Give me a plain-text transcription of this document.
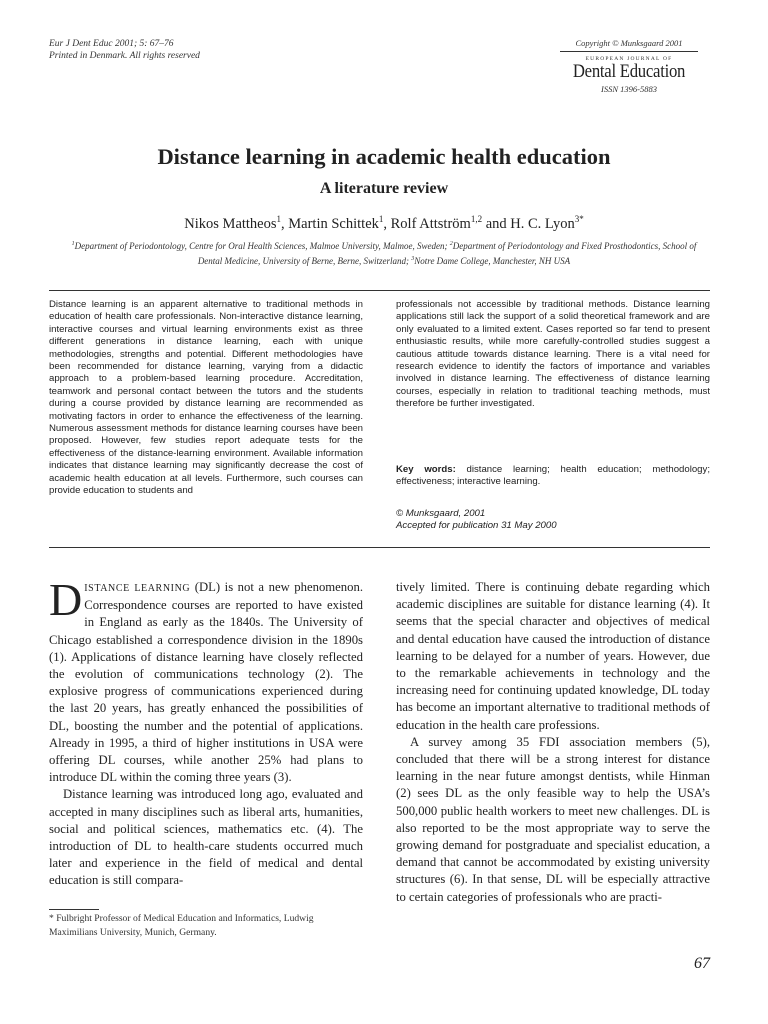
Eur J Dent Educ 2001; 5: 67–76
Printed in Denmark. All rights reserved
Copyright © Munksgaard 2001
EUROPEAN JOURNAL OF
Dental Education
ISSN 1396-5883
Distance learning in academic health education
A literature review
Nikos Mattheos$^1$, Martin Schittek$^1$, Rolf Attström$^{1,2}$ and H. C. Lyon$^{3*}$
$^1$Department of Periodontology, Centre for Oral Health Sciences, Malmoe University, Malmoe, Sweden; $^2$Department of Periodontology and Fixed Prosthodontics, School of Dental Medicine, University of Berne, Berne, Switzerland; $^3$Notre Dame College, Manchester, NH USA
Distance learning is an apparent alternative to traditional methods in education of health care professionals. Non-interactive distance learning, interactive courses and virtual learning environments exist as three different generations in distance learning, each with unique methodologies, strengths and potential. Different methodologies have been recommended for distance learning, varying from a didactic approach to a problem-based learning procedure. Accreditation, teamwork and personal contact between the tutors and the students during a course provided by distance learning are recommended as motivating factors in order to enhance the effectiveness of the learning. Numerous assessment methods for distance learning courses have been proposed. However, few studies report adequate tests for the effectiveness of the distance-learning environment. Available information indicates that distance learning may significantly decrease the cost of academic health education at all levels. Furthermore, such courses can provide education to students and
professionals not accessible by traditional methods. Distance learning applications still lack the support of a solid theoretical framework and are only evaluated to a limited extent. Cases reported so far tend to present enthusiastic results, while more carefully-controlled studies suggest a cautious attitude towards distance learning. There is a vital need for research evidence to identify the factors of importance and variables involved in distance learning. The effectiveness of distance learning courses, especially in relation to traditional teaching methods, must therefore be further investigated.
Key words: distance learning; health education; methodology; effectiveness; interactive learning.
© Munksgaard, 2001
Accepted for publication 31 May 2000

DISTANCE LEARNING (DL) is not a new phenomenon. Correspondence courses are reported to have existed in England as early as the 1840s. The University of Chicago established a correspondence division in the 1890s (1). Applications of distance learning have closely reflected the evolution of communications technology (2). The explosive progress of communications experienced during the last 20 years, has greatly enhanced the possibilities of DL, boosting the number and the potential of applications. Already in 1995, a third of higher institutions in USA were offering DL courses, while another 25% had plans to introduce DL within the coming three years (3).

Distance learning was introduced long ago, evaluated and accepted in many disciplines such as liberal arts, humanities, social and political sciences, mathematics etc. (4). The introduction of DL to health-care students occurred much later and experience in the field of medical and dental education is still compara-

tively limited. There is continuing debate regarding which academic disciplines are suitable for distance learning (4). It seems that the special character and objectives of medical and dental education have caused the introduction of distance learning to be delayed for a number of years. However, due to the remarkable achievements in technology and the increasing need for continuing updated knowledge, DL today has become an important alternative to traditional methods of education in the health care professions.

A survey among 35 FDI association members (5), concluded that there will be a strong interest for distance learning in the near future amongst dentists, while Hinman (2) sees DL as the only feasible way to help the USA’s 500,000 public health workers to meet new challenges. DL is also reported to be the most appropriate way to serve the growing demand for postgraduate and specialist education, a demand that cannot be accommodated by existing university structures (6). In that sense, DL will be especially attractive to certain categories of professionals who are practi-

* Fulbright Professor of Medical Education and Informatics, Ludwig Maximilians University, Munich, Germany.
67
